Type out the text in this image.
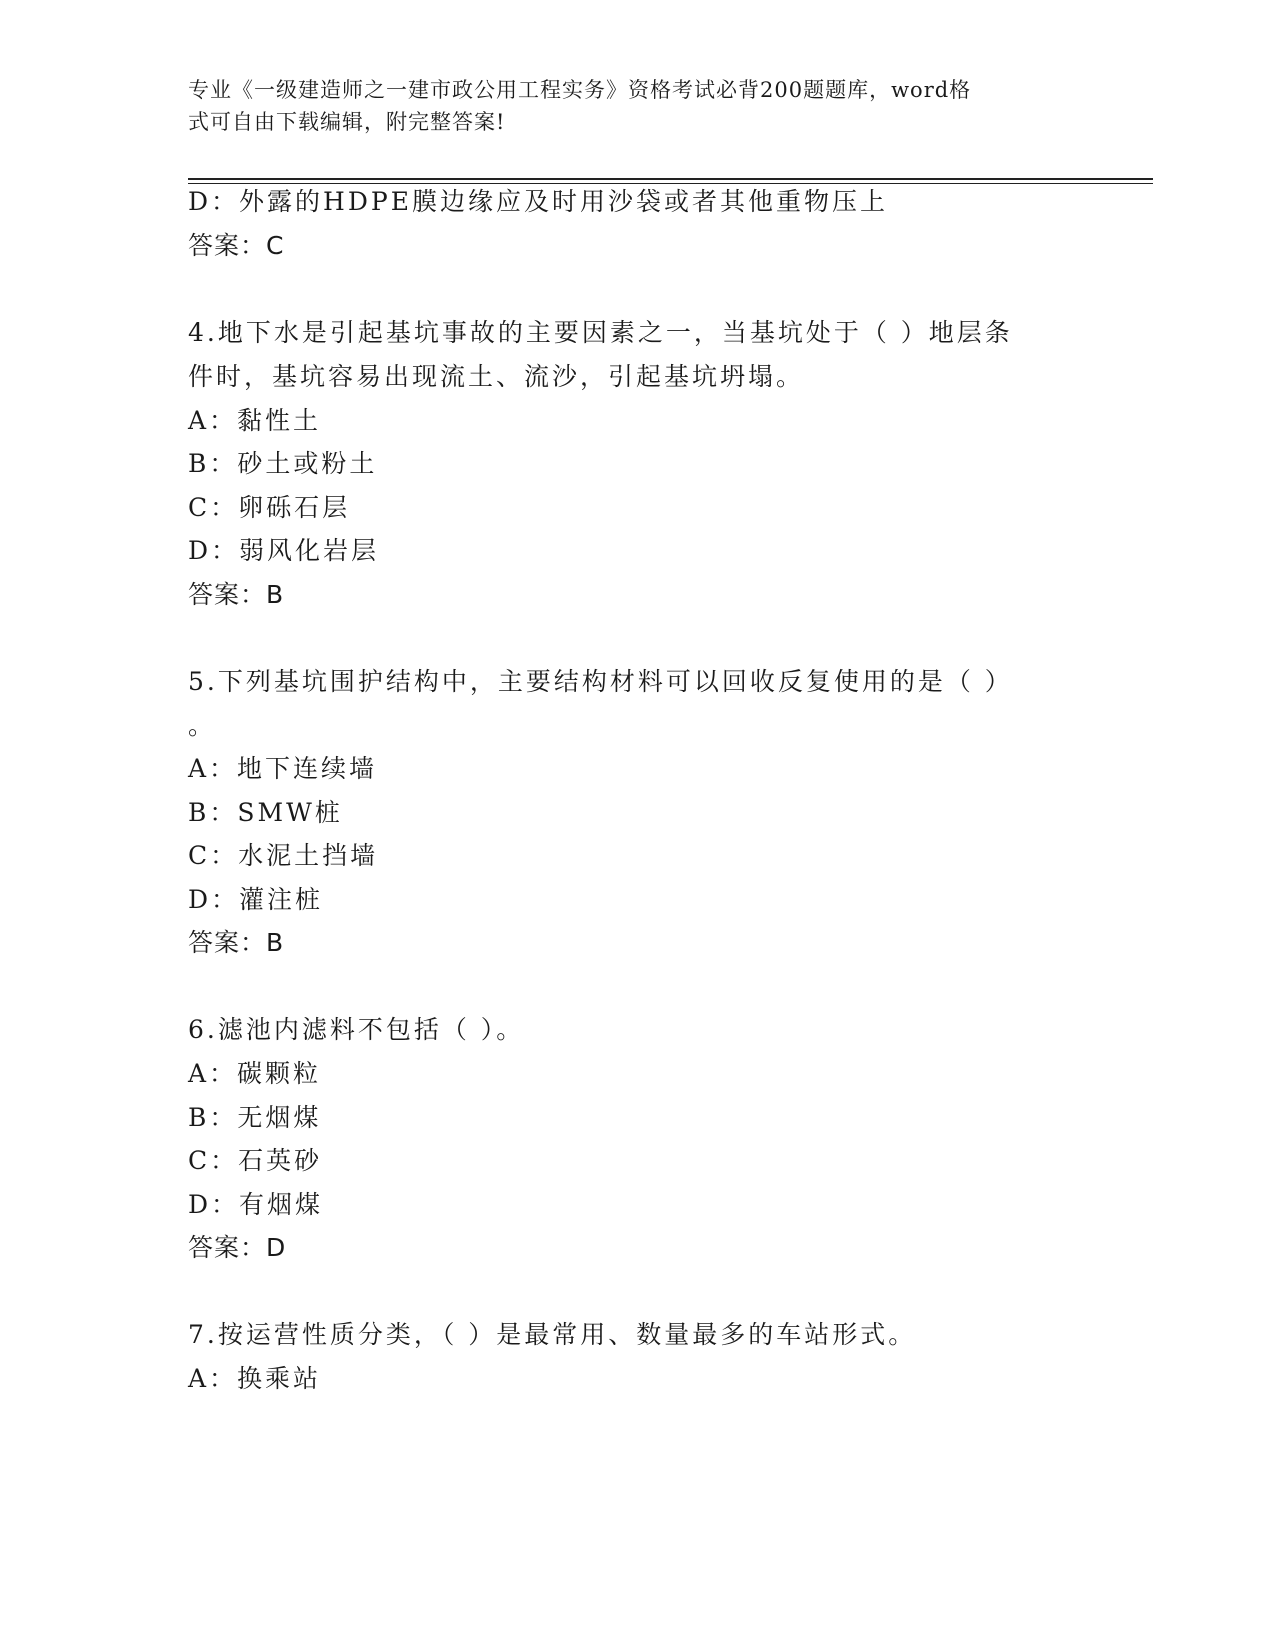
专业《一级建造师之一建市政公用工程实务》资格考试必背200题题库，word格
式可自由下载编辑，附完整答案!
D：外露的HDPE膜边缘应及时用沙袋或者其他重物压上
答案：C
4.地下水是引起基坑事故的主要因素之一，当基坑处于（ ）地层条
件时，基坑容易出现流土、流沙，引起基坑坍塌。
A：黏性土
B：砂土或粉土
C：卵砾石层
D：弱风化岩层
答案：B
5.下列基坑围护结构中，主要结构材料可以回收反复使用的是（ ）
。
A：地下连续墙
B：SMW桩
C：水泥土挡墙
D：灌注桩
答案：B
6.滤池内滤料不包括（ ）。
A：碳颗粒
B：无烟煤
C：石英砂
D：有烟煤
答案：D
7.按运营性质分类，（ ）是最常用、数量最多的车站形式。
A：换乘站
